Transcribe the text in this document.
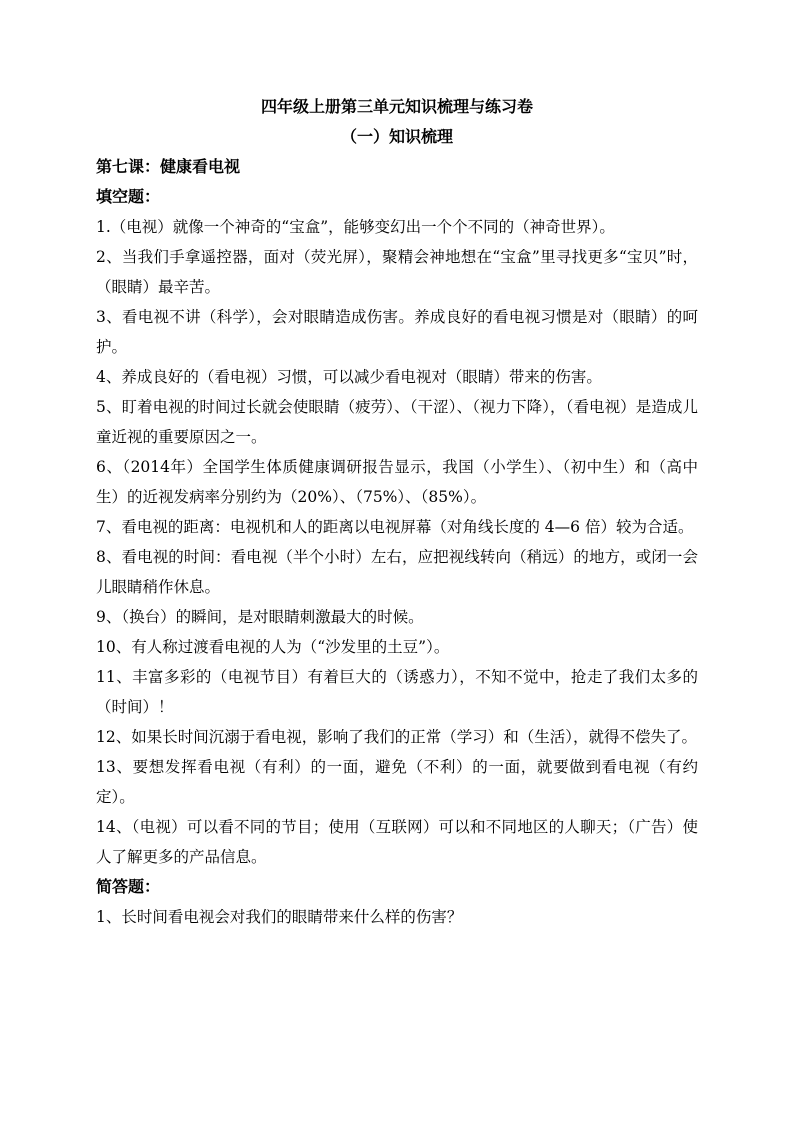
四年级上册第三单元知识梳理与练习卷

（一）知识梳理

第七课：健康看电视

填空题：

1.（电视）就像一个神奇的“宝盒”，能够变幻出一个个不同的（神奇世界）。

2、当我们手拿遥控器，面对（荧光屏），聚精会神地想在“宝盒”里寻找更多“宝贝”时，（眼睛）最辛苦。

3、看电视不讲（科学），会对眼睛造成伤害。养成良好的看电视习惯是对（眼睛）的呵护。

4、养成良好的（看电视）习惯，可以减少看电视对（眼睛）带来的伤害。

5、盯着电视的时间过长就会使眼睛（疲劳）、（干涩）、（视力下降），（看电视）是造成儿童近视的重要原因之一。

6、（2014年）全国学生体质健康调研报告显示，我国（小学生）、（初中生）和（高中生）的近视发病率分别约为（20%）、（75%）、（85%）。

7、看电视的距离：电视机和人的距离以电视屏幕（对角线长度的 4—6 倍）较为合适。

8、看电视的时间：看电视（半个小时）左右，应把视线转向（稍远）的地方，或闭一会儿眼睛稍作休息。

9、（换台）的瞬间，是对眼睛刺激最大的时候。

10、有人称过渡看电视的人为（“沙发里的土豆”）。

11、丰富多彩的（电视节目）有着巨大的（诱惑力），不知不觉中，抢走了我们太多的（时间）！

12、如果长时间沉溺于看电视，影响了我们的正常（学习）和（生活），就得不偿失了。

13、要想发挥看电视（有利）的一面，避免（不利）的一面，就要做到看电视（有约定）。

14、（电视）可以看不同的节目；使用（互联网）可以和不同地区的人聊天；（广告）使人了解更多的产品信息。

简答题：

1、长时间看电视会对我们的眼睛带来什么样的伤害？
